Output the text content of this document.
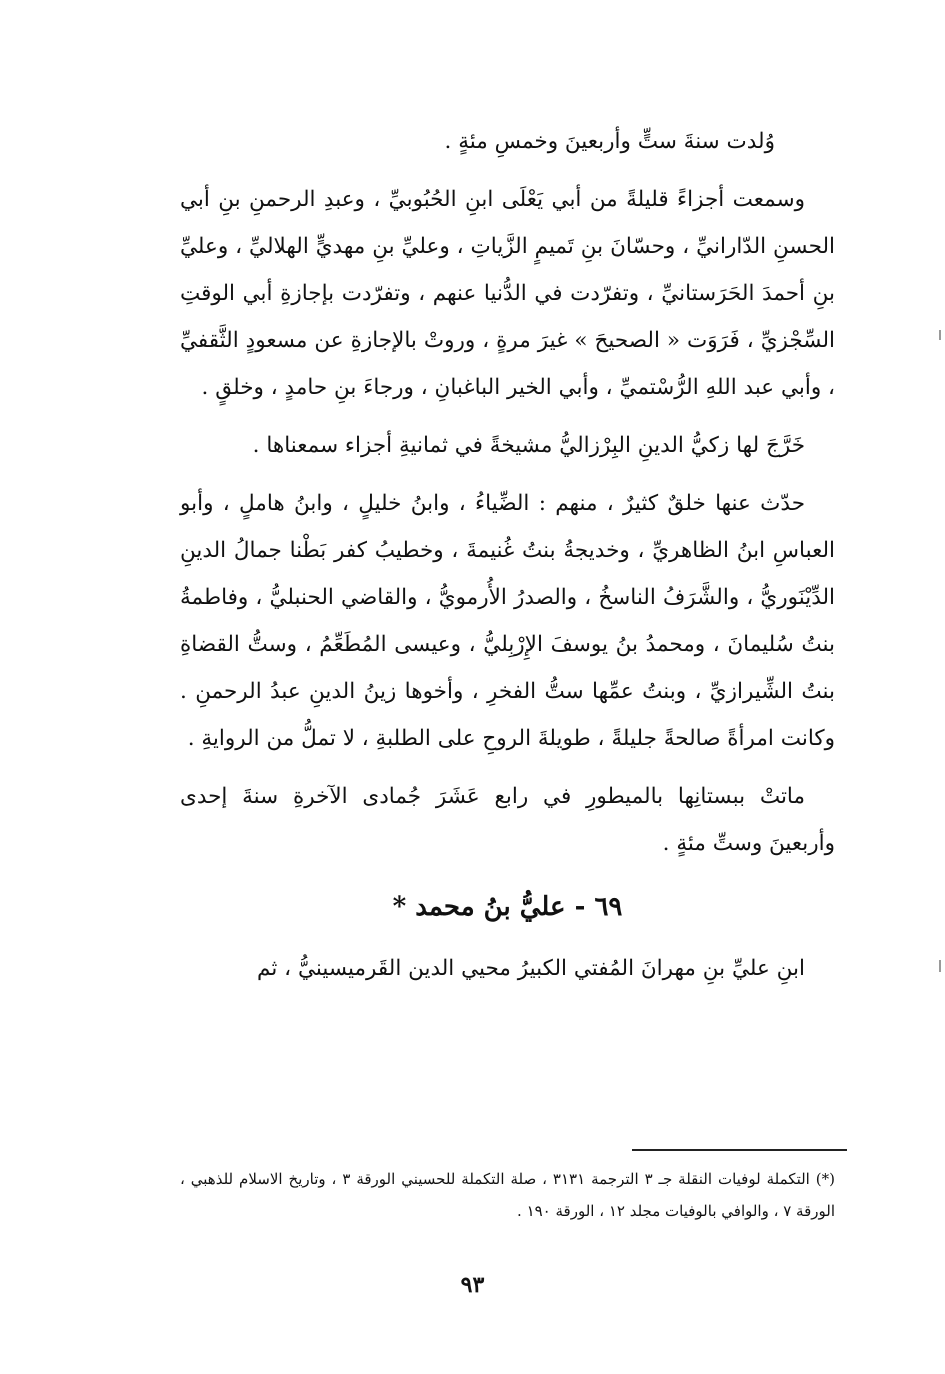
وُلدت سنةَ ستٍّ وأربعينَ وخمسِ مئةٍ .

وسمعت أجزاءً قليلةً من أبي يَعْلَى ابنِ الحُبُوبيِّ ، وعبدِ الرحمنِ بنِ أبي الحسنِ الدّارانيِّ ، وحسّانَ بنِ تَميمٍ الزَّياتِ ، وعليِّ بنِ مهديٍّ الهلاليِّ ، وعليِّ بنِ أحمدَ الحَرَستانيِّ ، وتفرّدت في الدُّنيا عنهم ، وتفرّدت بإجازةِ أبي الوقتِ السِّجْزيِّ ، فَرَوَت « الصحيحَ » غيرَ مرةٍ ، وروتْ بالإجازةِ عن مسعودٍ الثَّقفيِّ ، وأبي عبد اللهِ الرُّسْتميِّ ، وأبي الخير الباغبانِ ، ورجاءَ بنِ حامدٍ ، وخلقٍ .

خَرَّجَ لها زكيُّ الدينِ البِرْزاليُّ مشيخةً في ثمانيةِ أجزاء سمعناها .

حدّث عنها خلقٌ كثيرٌ ، منهم : الضِّياءُ ، وابنُ خليلٍ ، وابنُ هاملٍ ، وأبو العباسِ ابنُ الظاهريِّ ، وخديجةُ بنتُ غُنيمةَ ، وخطيبُ كفر بَطْنا جمالُ الدينِ الدِّيْنَوريُّ ، والشَّرَفُ الناسخُ ، والصدرُ الأُرمويُّ ، والقاضي الحنبليُّ ، وفاطمةُ بنتُ سُليمانَ ، ومحمدُ بنُ يوسفَ الإِرْبِليُّ ، وعيسى المُطَعِّمُ ، وستُّ القضاةِ بنتُ الشِّيرازيِّ ، وبنتُ عمِّها ستُّ الفخرِ ، وأخوها زينُ الدينِ عبدُ الرحمنِ . وكانت امرأةً صالحةً جليلةً ، طويلةَ الروحِ على الطلبةِ ، لا تملُّ من الروايةِ .

ماتتْ ببستانِها بالميطورِ في رابع عَشَرَ جُمادى الآخرةِ سنةَ إحدى وأربعينَ وستِّ مئةٍ .

٦٩ - عليُّ بنُ محمد *

ابنِ عليِّ بنِ مهرانَ المُفتي الكبيرُ محيي الدين القَرميسينيُّ ، ثم

(*) التكملة لوفيات النقلة جـ ٣ الترجمة ٣١٣١ ، صلة التكملة للحسيني الورقة ٣ ، وتاريخ الاسلام للذهبي ، الورقة ٧ ، والوافي بالوفيات مجلد ١٢ ، الورقة ١٩٠ .

٩٣
